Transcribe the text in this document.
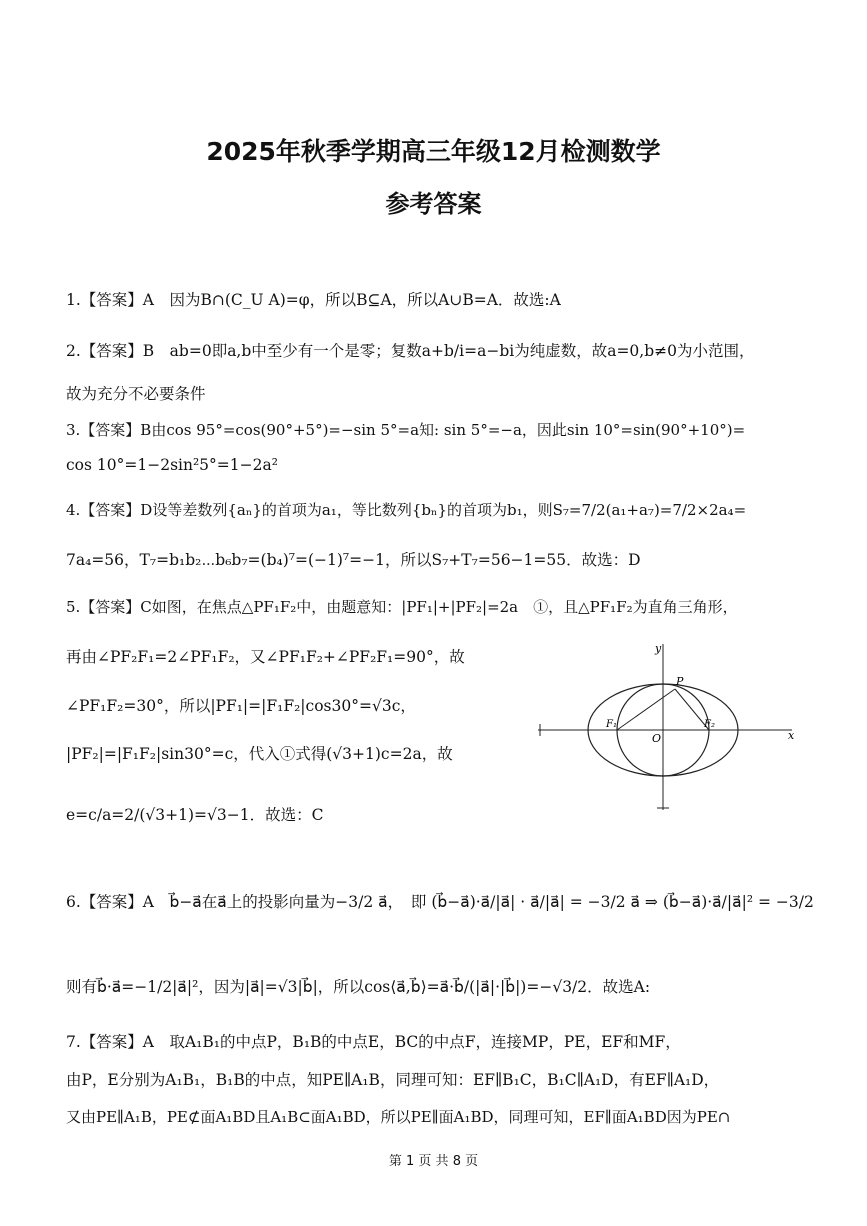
2025年秋季学期高三年级12月检测数学
参考答案
1.【答案】A　因为B∩(C_U A)=φ，所以B⊆A，所以A∪B=A．故选:A
2.【答案】B　ab=0即a,b中至少有一个是零；复数a+b/i=a−bi为纯虚数，故a=0,b≠0为小范围，
故为充分不必要条件
3.【答案】B由cos 95°=cos(90°+5°)=−sin 5°=a知: sin 5°=−a，因此sin 10°=sin(90°+10°)=
cos 10°=1−2sin²5°=1−2a²
4.【答案】D设等差数列{aₙ}的首项为a₁，等比数列{bₙ}的首项为b₁，则S₇=7/2(a₁+a₇)=7/2×2a₄=
7a₄=56，T₇=b₁b₂⋯b₆b₇=(b₄)⁷=(−1)⁷=−1，所以S₇+T₇=56−1=55．故选：D
5.【答案】C如图，在焦点△PF₁F₂中，由题意知：|PF₁|+|PF₂|=2a　①，且△PF₁F₂为直角三角形，
再由∠PF₂F₁=2∠PF₁F₂，又∠PF₁F₂+∠PF₂F₁=90°，故
∠PF₁F₂=30°，所以|PF₁|=|F₁F₂|cos30°=√3c，
|PF₂|=|F₁F₂|sin30°=c，代入①式得(√3+1)c=2a，故
e=c/a=2/(√3+1)=√3−1．故选：C
6.【答案】A　b⃗−a⃗在a⃗上的投影向量为−3/2 a⃗，　即 (b⃗−a⃗)·a⃗/|a⃗| · a⃗/|a⃗| = −3/2 a⃗ ⇒ (b⃗−a⃗)·a⃗/|a⃗|² = −3/2
则有b⃗·a⃗=−1/2|a⃗|²，因为|a⃗|=√3|b⃗|，所以cos⟨a⃗,b⃗⟩=a⃗·b⃗/(|a⃗|·|b⃗|)=−√3/2．故选A:
7.【答案】A　取A₁B₁的中点P，B₁B的中点E，BC的中点F，连接MP，PE，EF和MF，
由P，E分别为A₁B₁，B₁B的中点，知PE∥A₁B，同理可知：EF∥B₁C，B₁C∥A₁D，有EF∥A₁D，
又由PE∥A₁B，PE⊄面A₁BD且A₁B⊂面A₁BD，所以PE∥面A₁BD，同理可知，EF∥面A₁BD因为PE∩
y
x
P
F₁	F₂
O
第 1 页 共 8 页
